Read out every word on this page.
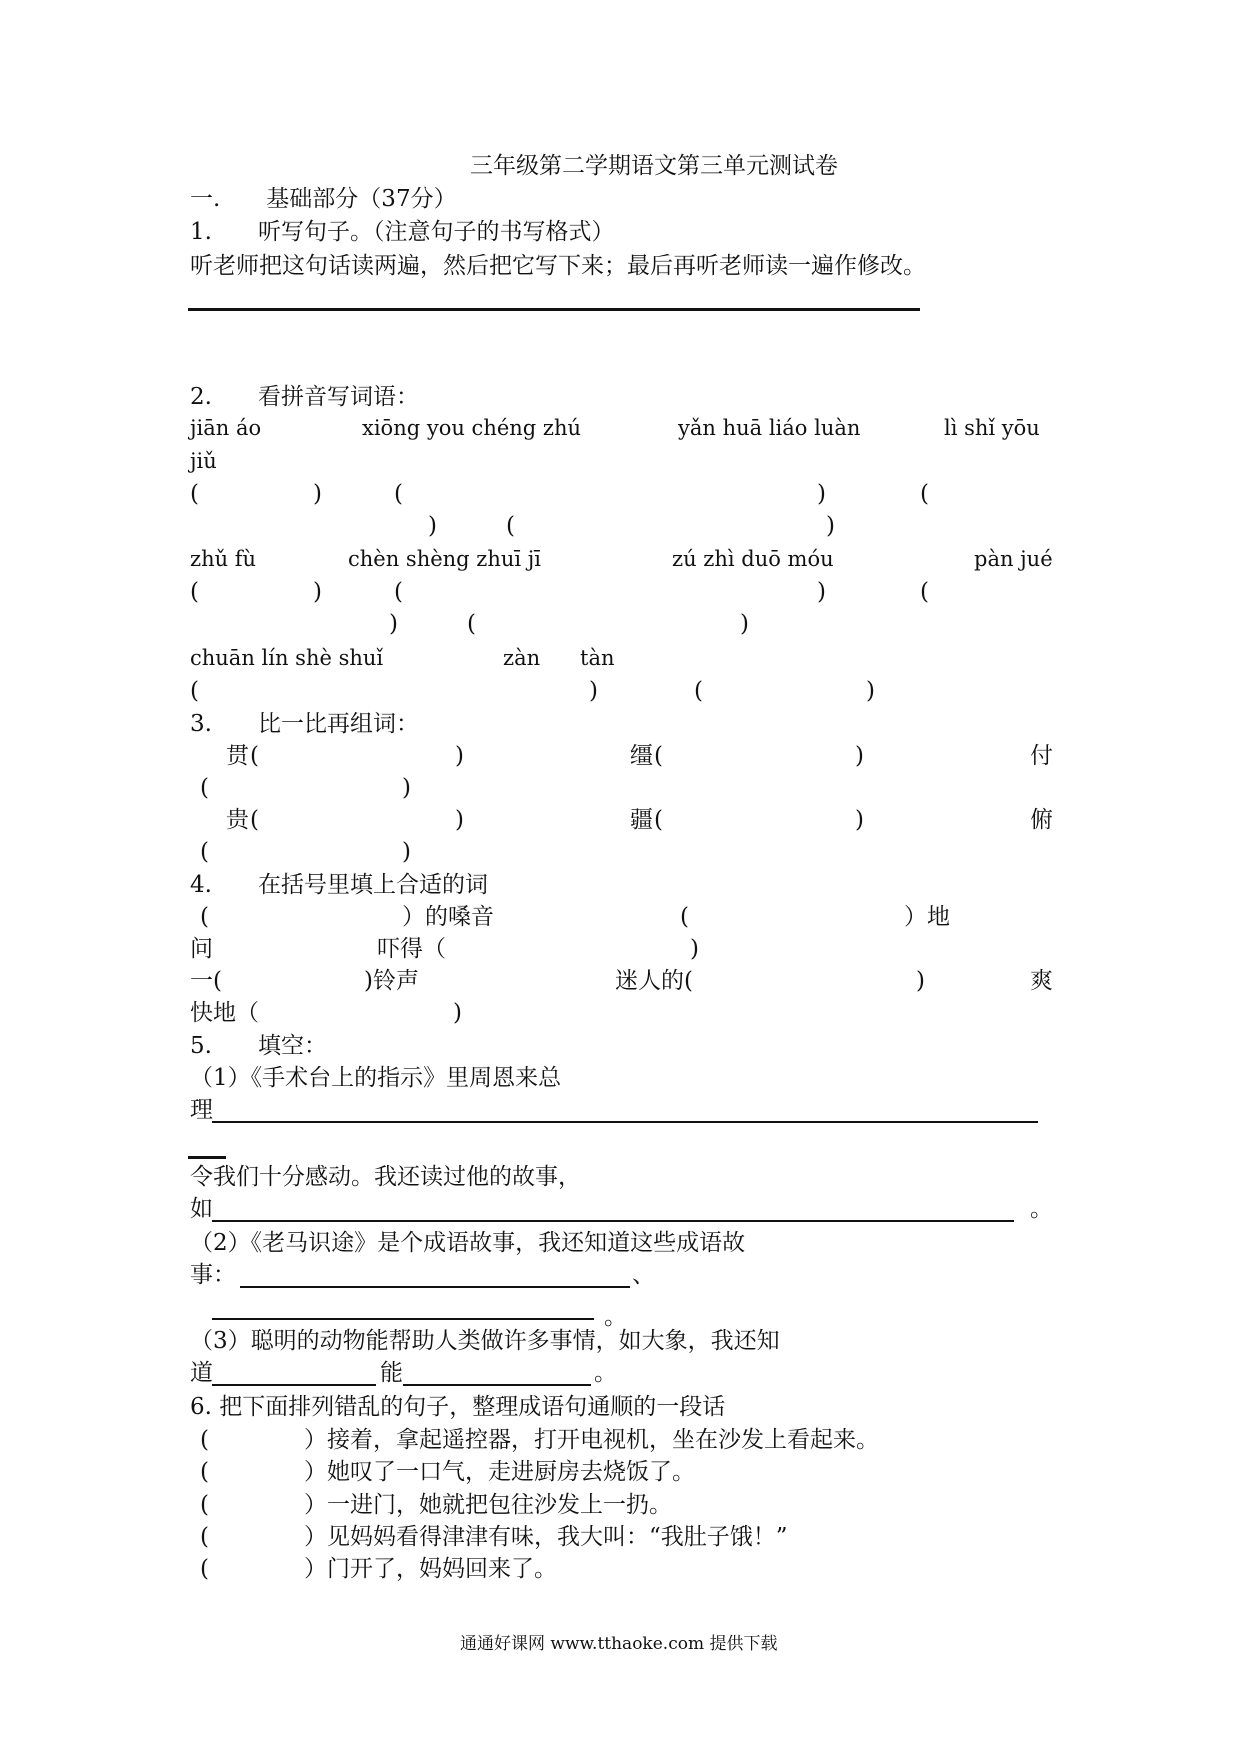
三年级第二学期语文第三单元测试卷
一.　　基础部分（37分）
1.　　听写句子。（注意句子的书写格式）
听老师把这句话读两遍，然后把它写下来；最后再听老师读一遍作修改。
2.　　看拼音写词语：
jiān áo	xiōng you chéng zhú	yǎn huā liáo luàn	lì shǐ yōu
jiǔ
(	)	(	)	(
)	(	)
zhǔ fù	chèn shèng zhuī jī	zú zhì duō móu	pàn jué
(	)	(	)	(
)	(	)
chuān lín shè shuǐ	zàn tàn
(	)	(	)
3.　　比一比再组词：
贯 (	)	缰 (	)	付
(	)
贵 (	)	疆 (	)	俯
(	)
4.　　在括号里填上合适的词
(	）的嗓音	(	）地
问	吓得（	)
一(	)铃声	迷人的(	)	爽
快地（	)
5.　　填空：
（1）《手术台上的指示》里周恩来总
理
令我们十分感动。我还读过他的故事，
如	。
（2）《老马识途》是个成语故事，我还知道这些成语故
事：	、
。
（3）聪明的动物能帮助人类做许多事情，如大象，我还知
道	能	。
6. 把下面排列错乱的句子，整理成语句通顺的一段话
(	）接着，拿起遥控器，打开电视机，坐在沙发上看起来。
(	）她叹了一口气，走进厨房去烧饭了。
(	）一进门，她就把包往沙发上一扔。
(	）见妈妈看得津津有味，我大叫：“我肚子饿！”
(	）门开了，妈妈回来了。
通通好课网 www.tthaoke.com 提供下载
